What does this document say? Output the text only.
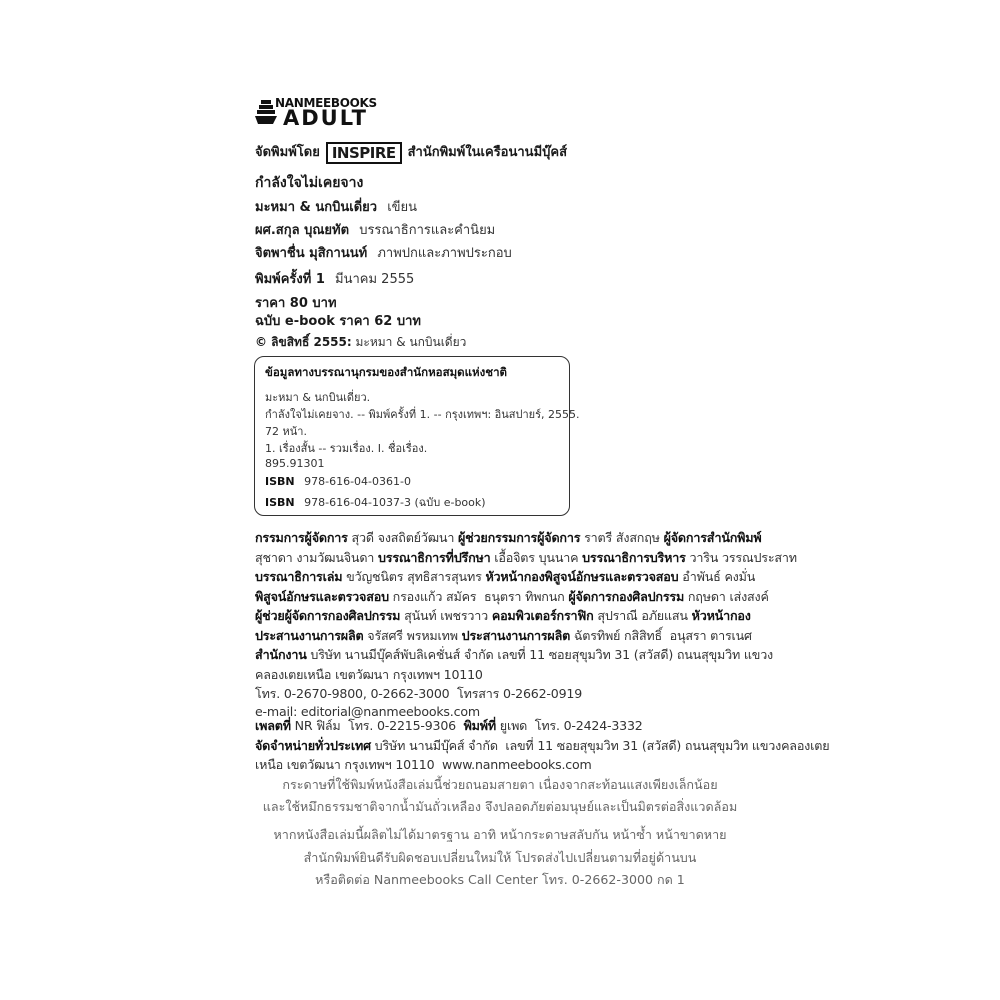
NANMEEBOOKS
ADULT
จัดพิมพ์โดย INSPIRE สำนักพิมพ์ในเครือนานมีบุ๊คส์
กำลังใจไม่เคยจาง
มะหมา & นกบินเดี่ยว เขียน
ผศ.สกุล บุณยทัต บรรณาธิการและคำนิยม
จิตพาชื่น มุสิกานนท์ ภาพปกและภาพประกอบ
พิมพ์ครั้งที่ 1 มีนาคม 2555
ราคา 80 บาท
ฉบับ e-book ราคา 62 บาท
© ลิขสิทธิ์ 2555: มะหมา & นกบินเดี่ยว
ข้อมูลทางบรรณานุกรมของสำนักหอสมุดแห่งชาติ
มะหมา & นกบินเดี่ยว.
กำลังใจไม่เคยจาง. -- พิมพ์ครั้งที่ 1. -- กรุงเทพฯ: อินสปายร์, 2555.
72 หน้า.
1. เรื่องสั้น -- รวมเรื่อง. I. ชื่อเรื่อง.
895.91301
ISBN 978-616-04-0361-0
ISBN 978-616-04-1037-3 (ฉบับ e-book)
กรรมการผู้จัดการ สุวดี จงสถิตย์วัฒนา ผู้ช่วยกรรมการผู้จัดการ ราตรี สังสกฤษ ผู้จัดการสำนักพิมพ์
สุชาดา งามวัฒนจินดา บรรณาธิการที่ปรึกษา เอื้อจิตร บุนนาค บรรณาธิการบริหาร วาริน วรรณประสาท
บรรณาธิการเล่ม ขวัญชนิตร สุทธิสารสุนทร หัวหน้ากองพิสูจน์อักษรและตรวจสอบ อำพันธ์ คงมั่น
พิสูจน์อักษรและตรวจสอบ กรองแก้ว สมัคร  ธนุตรา ทิพกนก ผู้จัดการกองศิลปกรรม กฤษดา เส่งสงค์
ผู้ช่วยผู้จัดการกองศิลปกรรม สุนันท์ เพชรวาว คอมพิวเตอร์กราฟิก สุปราณี อภัยแสน หัวหน้ากอง
ประสานงานการผลิต จรัสศรี พรหมเทพ ประสานงานการผลิต ฉัตรทิพย์ กสิสิทธิ์  อนุสรา ตารเนศ
สำนักงาน บริษัท นานมีบุ๊คส์พับลิเคชั่นส์ จำกัด เลขที่ 11 ซอยสุขุมวิท 31 (สวัสดี) ถนนสุขุมวิท แขวง
คลองเตยเหนือ เขตวัฒนา กรุงเทพฯ 10110
โทร. 0-2670-9800, 0-2662-3000  โทรสาร 0-2662-0919
e-mail: editorial@nanmeebooks.com
เพลตที่ NR ฟิล์ม  โทร. 0-2215-9306  พิมพ์ที่ ยูเพด  โทร. 0-2424-3332
จัดจำหน่ายทั่วประเทศ บริษัท นานมีบุ๊คส์ จำกัด  เลขที่ 11 ซอยสุขุมวิท 31 (สวัสดี) ถนนสุขุมวิท แขวงคลองเตย
เหนือ เขตวัฒนา กรุงเทพฯ 10110  www.nanmeebooks.com
กระดาษที่ใช้พิมพ์หนังสือเล่มนี้ช่วยถนอมสายตา เนื่องจากสะท้อนแสงเพียงเล็กน้อย
และใช้หมึกธรรมชาติจากน้ำมันถั่วเหลือง จึงปลอดภัยต่อมนุษย์และเป็นมิตรต่อสิ่งแวดล้อม
หากหนังสือเล่มนี้ผลิตไม่ได้มาตรฐาน อาทิ หน้ากระดาษสลับกัน หน้าซ้ำ หน้าขาดหาย
สำนักพิมพ์ยินดีรับผิดชอบเปลี่ยนใหม่ให้ โปรดส่งไปเปลี่ยนตามที่อยู่ด้านบน
หรือติดต่อ Nanmeebooks Call Center โทร. 0-2662-3000 กด 1
